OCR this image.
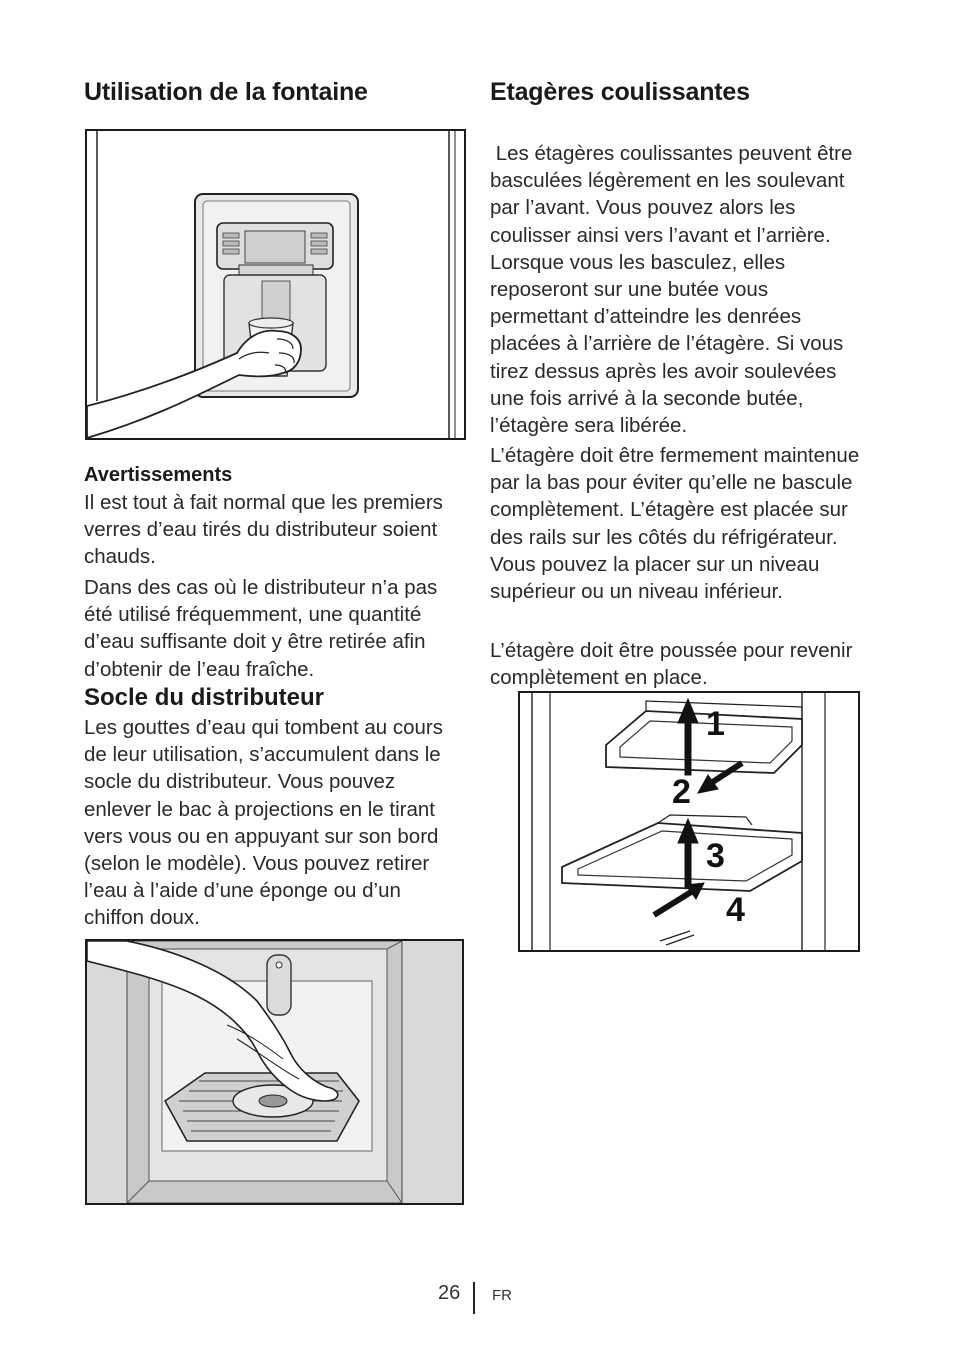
Utilisation de la fontaine
Avertissements

Il est tout à fait normal que les premiers verres d’eau tirés du distributeur soient chauds.

Dans des cas où le distributeur n’a pas été utilisé fréquemment, une quantité d’eau suffisante doit y être retirée afin d’obtenir de l’eau fraîche.

Socle du distributeur

Les gouttes d’eau qui tombent au cours de leur utilisation, s’accumulent dans le socle du distributeur. Vous pouvez enlever le bac à projections en le tirant vers vous ou en appuyant sur son bord (selon le modèle). Vous pouvez retirer l’eau à l’aide d’une éponge ou d’un chiffon doux.

Etagères coulissantes

Les étagères coulissantes peuvent être basculées légèrement en les soulevant par l’avant. Vous pouvez alors les coulisser ainsi vers l’avant et l’arrière. Lorsque vous les basculez, elles reposeront sur une butée vous permettant d’atteindre les denrées placées à l’arrière de l’étagère. Si vous tirez dessus après les avoir soulevées une fois arrivé à la seconde butée, l’étagère sera libérée.

L’étagère doit être fermement maintenue par la bas pour éviter qu’elle ne bascule complètement. L’étagère est placée sur des rails sur les côtés du réfrigérateur. Vous pouvez la placer sur un niveau supérieur ou un niveau inférieur.

L’étagère doit être poussée pour revenir complètement en place.

1
2
3
4
26 FR
